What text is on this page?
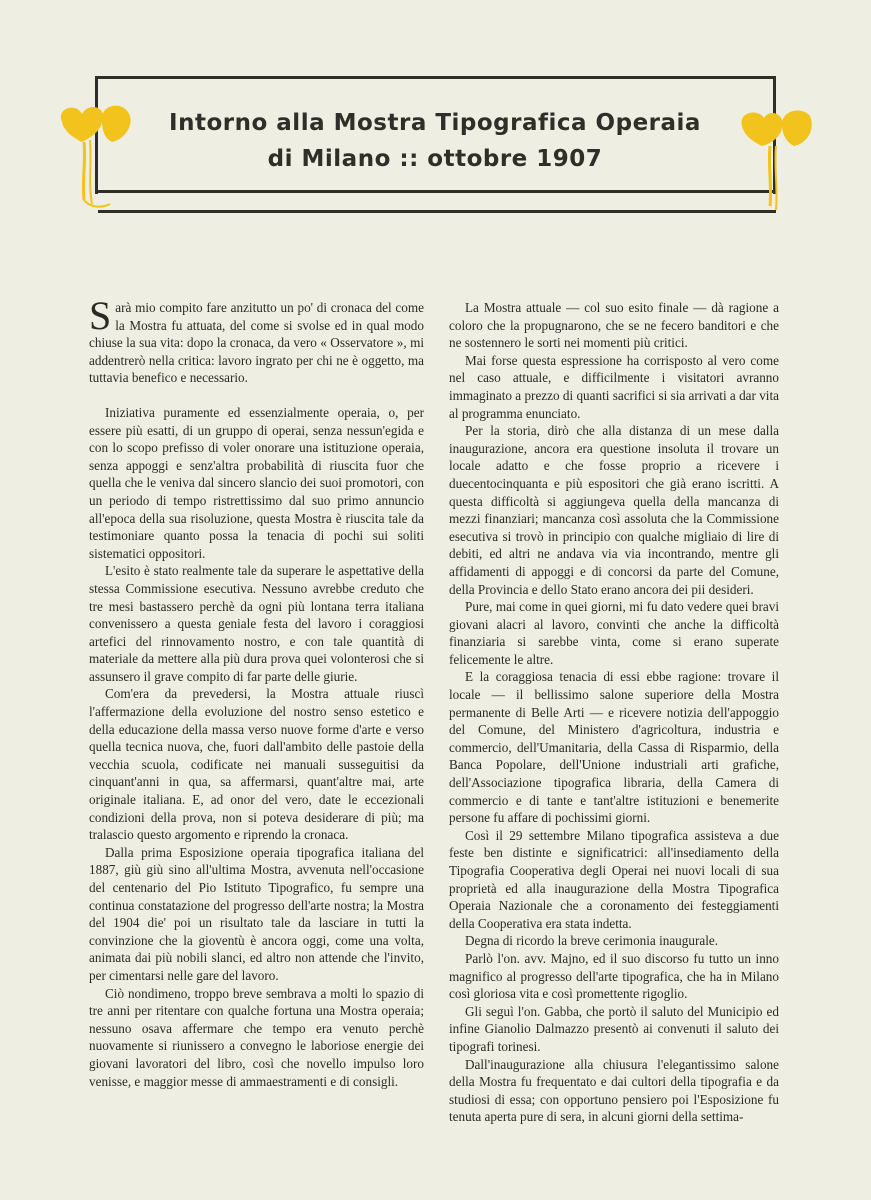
Intorno alla Mostra Tipografica Operaia
di Milano :: ottobre 1907

Sarà mio compito fare anzitutto un po' di cronaca del come la Mostra fu attuata, del come si svolse ed in qual modo chiuse la sua vita: dopo la cronaca, da vero « Osservatore », mi addentrerò nella critica: lavoro ingrato per chi ne è oggetto, ma tuttavia benefico e necessario.

Iniziativa puramente ed essenzialmente operaia, o, per essere più esatti, di un gruppo di operai, senza nessun'egida e con lo scopo prefisso di voler onorare una istituzione operaia, senza appoggi e senz'altra probabilità di riuscita fuor che quella che le veniva dal sincero slancio dei suoi promotori, con un periodo di tempo ristrettissimo dal suo primo annuncio all'epoca della sua risoluzione, questa Mostra è riuscita tale da testimoniare quanto possa la tenacia di pochi sui soliti sistematici oppositori.

L'esito è stato realmente tale da superare le aspettative della stessa Commissione esecutiva. Nessuno avrebbe creduto che tre mesi bastassero perchè da ogni più lontana terra italiana convenissero a questa geniale festa del lavoro i coraggiosi artefici del rinnovamento nostro, e con tale quantità di materiale da mettere alla più dura prova quei volonterosi che si assunsero il grave compito di far parte delle giurie.

Com'era da prevedersi, la Mostra attuale riuscì l'affermazione della evoluzione del nostro senso estetico e della educazione della massa verso nuove forme d'arte e verso quella tecnica nuova, che, fuori dall'ambito delle pastoie della vecchia scuola, codificate nei manuali susseguitisi da cinquant'anni in qua, sa affermarsi, quant'altre mai, arte originale italiana. E, ad onor del vero, date le eccezionali condizioni della prova, non si poteva desiderare di più; ma tralascio questo argomento e riprendo la cronaca.

Dalla prima Esposizione operaia tipografica italiana del 1887, giù giù sino all'ultima Mostra, avvenuta nell'occasione del centenario del Pio Istituto Tipografico, fu sempre una continua constatazione del progresso dell'arte nostra; la Mostra del 1904 die' poi un risultato tale da lasciare in tutti la convinzione che la gioventù è ancora oggi, come una volta, animata dai più nobili slanci, ed altro non attende che l'invito, per cimentarsi nelle gare del lavoro.

Ciò nondimeno, troppo breve sembrava a molti lo spazio di tre anni per ritentare con qualche fortuna una Mostra operaia; nessuno osava affermare che tempo era venuto perchè nuovamente si riunissero a convegno le laboriose energie dei giovani lavoratori del libro, così che novello impulso loro venisse, e maggior messe di ammaestramenti e di consigli.

La Mostra attuale — col suo esito finale — dà ragione a coloro che la propugnarono, che se ne fecero banditori e che ne sostennero le sorti nei momenti più critici.

Mai forse questa espressione ha corrisposto al vero come nel caso attuale, e difficilmente i visitatori avranno immaginato a prezzo di quanti sacrifici si sia arrivati a dar vita al programma enunciato.

Per la storia, dirò che alla distanza di un mese dalla inaugurazione, ancora era questione insoluta il trovare un locale adatto e che fosse proprio a ricevere i duecentocinquanta e più espositori che già erano iscritti. A questa difficoltà si aggiungeva quella della mancanza di mezzi finanziari; mancanza così assoluta che la Commissione esecutiva si trovò in principio con qualche migliaio di lire di debiti, ed altri ne andava via via incontrando, mentre gli affidamenti di appoggi e di concorsi da parte del Comune, della Provincia e dello Stato erano ancora dei pii desideri.

Pure, mai come in quei giorni, mi fu dato vedere quei bravi giovani alacri al lavoro, convinti che anche la difficoltà finanziaria si sarebbe vinta, come si erano superate felicemente le altre.

E la coraggiosa tenacia di essi ebbe ragione: trovare il locale — il bellissimo salone superiore della Mostra permanente di Belle Arti — e ricevere notizia dell'appoggio del Comune, del Ministero d'agricoltura, industria e commercio, dell'Umanitaria, della Cassa di Risparmio, della Banca Popolare, dell'Unione industriali arti grafiche, dell'Associazione tipografica libraria, della Camera di commercio e di tante e tant'altre istituzioni e benemerite persone fu affare di pochissimi giorni.

Così il 29 settembre Milano tipografica assisteva a due feste ben distinte e significatrici: all'insediamento della Tipografia Cooperativa degli Operai nei nuovi locali di sua proprietà ed alla inaugurazione della Mostra Tipografica Operaia Nazionale che a coronamento dei festeggiamenti della Cooperativa era stata indetta.

Degna di ricordo la breve cerimonia inaugurale.

Parlò l'on. avv. Majno, ed il suo discorso fu tutto un inno magnifico al progresso dell'arte tipografica, che ha in Milano così gloriosa vita e così promettente rigoglio.

Gli seguì l'on. Gabba, che portò il saluto del Municipio ed infine Gianolio Dalmazzo presentò ai convenuti il saluto dei tipografi torinesi.

Dall'inaugurazione alla chiusura l'elegantissimo salone della Mostra fu frequentato e dai cultori della tipografia e da studiosi di essa; con opportuno pensiero poi l'Esposizione fu tenuta aperta pure di sera, in alcuni giorni della settima-
